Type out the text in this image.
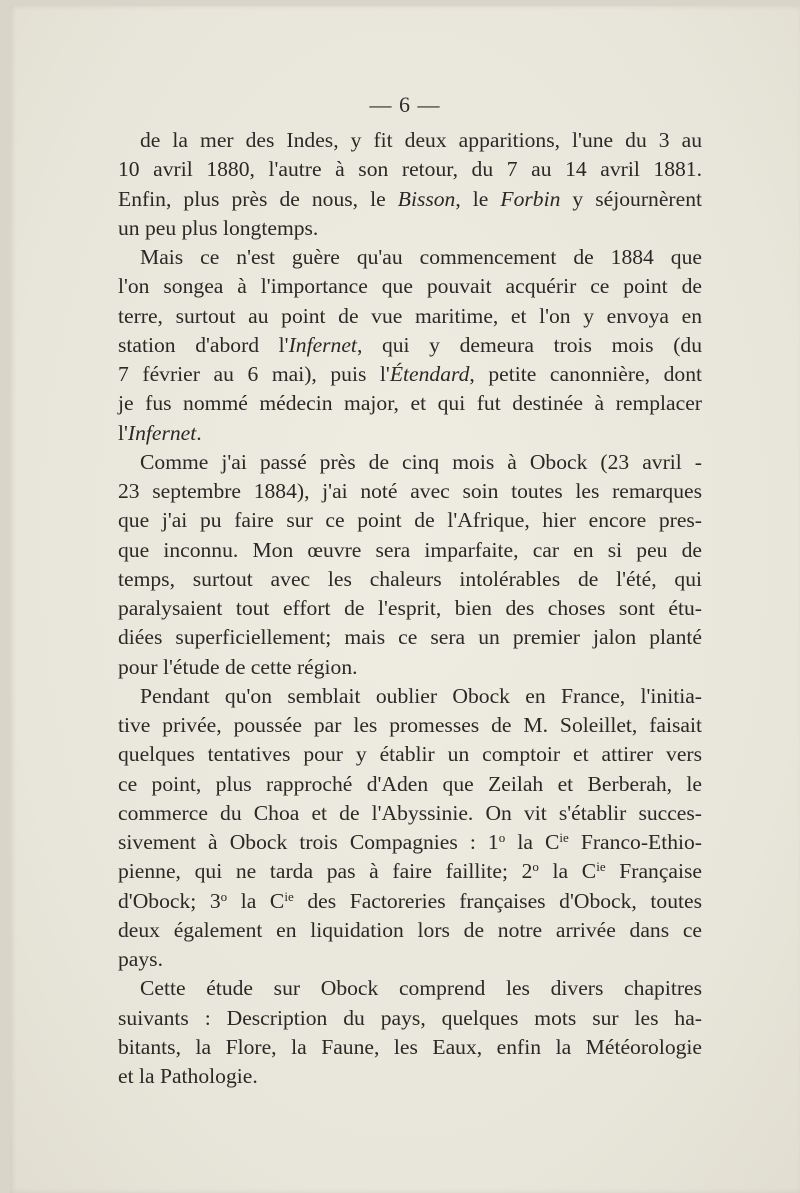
— 6 —
de la mer des Indes, y fit deux apparitions, l'une du 3 au
10 avril 1880, l'autre à son retour, du 7 au 14 avril 1881.
Enfin, plus près de nous, le Bisson, le Forbin y séjournèrent
un peu plus longtemps.
Mais ce n'est guère qu'au commencement de 1884 que
l'on songea à l'importance que pouvait acquérir ce point de
terre, surtout au point de vue maritime, et l'on y envoya en
station d'abord l'Infernet, qui y demeura trois mois (du
7 février au 6 mai), puis l'Étendard, petite canonnière, dont
je fus nommé médecin major, et qui fut destinée à remplacer
l'Infernet.
Comme j'ai passé près de cinq mois à Obock (23 avril -
23 septembre 1884), j'ai noté avec soin toutes les remarques
que j'ai pu faire sur ce point de l'Afrique, hier encore pres-
que inconnu. Mon œuvre sera imparfaite, car en si peu de
temps, surtout avec les chaleurs intolérables de l'été, qui
paralysaient tout effort de l'esprit, bien des choses sont étu-
diées superficiellement; mais ce sera un premier jalon planté
pour l'étude de cette région.
Pendant qu'on semblait oublier Obock en France, l'initia-
tive privée, poussée par les promesses de M. Soleillet, faisait
quelques tentatives pour y établir un comptoir et attirer vers
ce point, plus rapproché d'Aden que Zeilah et Berberah, le
commerce du Choa et de l'Abyssinie. On vit s'établir succes-
sivement à Obock trois Compagnies : 1$^o$ la $C^{ie}$ Franco-Ethio-
pienne, qui ne tarda pas à faire faillite; 2$^o$ la $C^{ie}$ Française
d'Obock; 3$^o$ la $C^{ie}$ des Factoreries françaises d'Obock, toutes
deux également en liquidation lors de notre arrivée dans ce
pays.
Cette étude sur Obock comprend les divers chapitres
suivants : Description du pays, quelques mots sur les ha-
bitants, la Flore, la Faune, les Eaux, enfin la Météorologie
et la Pathologie.
